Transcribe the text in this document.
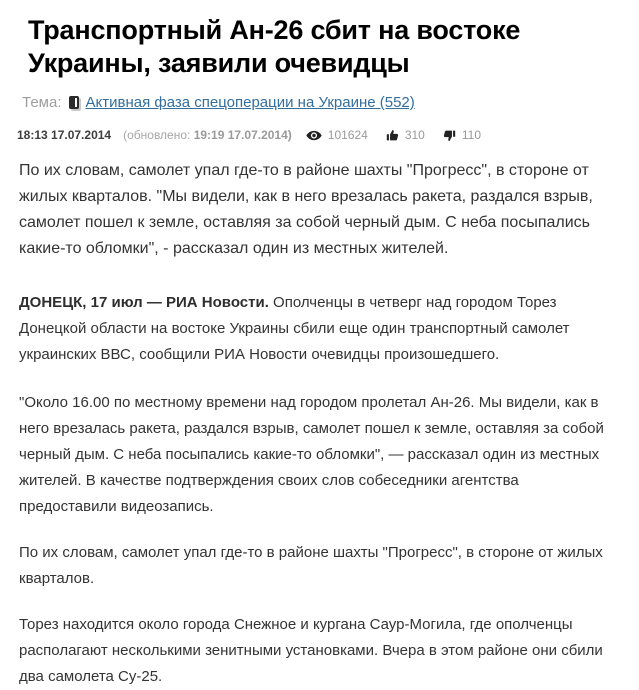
Транспортный Ан-26 сбит на востоке Украины, заявили очевидцы
Тема: Активная фаза спецоперации на Украине (552)
18:13 17.07.2014 (обновлено: 19:19 17.07.2014)	101624	310	110

По их словам, самолет упал где-то в районе шахты "Прогресс", в стороне от жилых кварталов. "Мы видели, как в него врезалась ракета, раздался взрыв, самолет пошел к земле, оставляя за собой черный дым. С неба посыпались какие-то обломки", - рассказал один из местных жителей.

ДОНЕЦК, 17 июл — РИА Новости. Ополченцы в четверг над городом Торез Донецкой области на востоке Украины сбили еще один транспортный самолет украинских ВВС, сообщили РИА Новости очевидцы произошедшего.

"Около 16.00 по местному времени над городом пролетал Ан-26. Мы видели, как в него врезалась ракета, раздался взрыв, самолет пошел к земле, оставляя за собой черный дым. С неба посыпались какие-то обломки", — рассказал один из местных жителей. В качестве подтверждения своих слов собеседники агентства предоставили видеозапись.

По их словам, самолет упал где-то в районе шахты "Прогресс", в стороне от жилых кварталов.

Торез находится около города Снежное и кургана Саур-Могила, где ополченцы располагают несколькими зенитными установками. Вчера в этом районе они сбили два самолета Су-25.
